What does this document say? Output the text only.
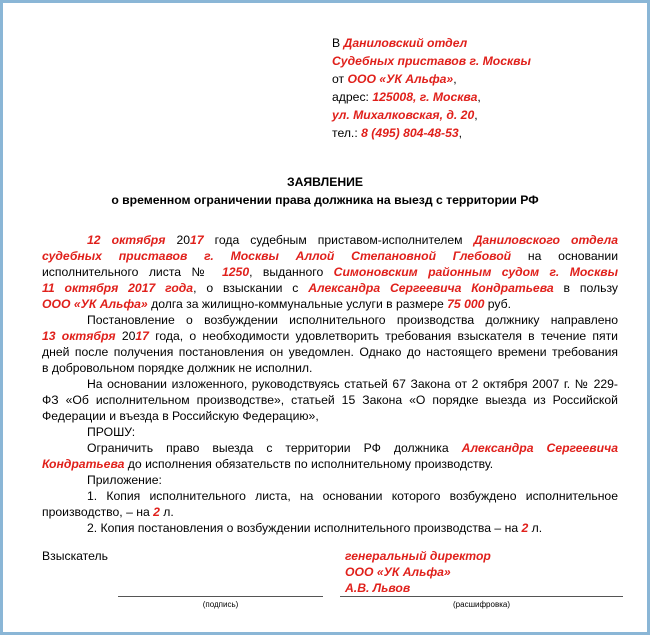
В Даниловский отдел
Судебных приставов г. Москвы
от ООО «УК Альфа»,
адрес: 125008, г. Москва,
ул. Михалковская, д. 20,
тел.: 8 (495) 804-48-53,
ЗАЯВЛЕНИЕ
о временном ограничении права должника на выезд с территории РФ
12 октября 2017 года судебным приставом-исполнителем Даниловского отдела
судебных приставов г. Москвы Аллой Степановной Глебовой на основании
исполнительного листа № 1250, выданного Симоновским районным судом г. Москвы
11 октября 2017 года, о взыскании с Александра Сергеевича Кондратьева в пользу
ООО «УК Альфа» долга за жилищно-коммунальные услуги в размере 75 000 руб.
Постановление о возбуждении исполнительного производства должнику направлено
13 октября 2017 года, о необходимости удовлетворить требования взыскателя в течение пяти
дней после получения постановления он уведомлен. Однако до настоящего времени требования
в добровольном порядке должник не исполнил.
На основании изложенного, руководствуясь статьей 67 Закона от 2 октября 2007 г. № 229-
ФЗ «Об исполнительном производстве», статьей 15 Закона «О порядке выезда из Российской
Федерации и въезда в Российскую Федерацию»,
ПРОШУ:
Ограничить право выезда с территории РФ должника Александра Сергеевича
Кондратьева до исполнения обязательств по исполнительному производству.
Приложение:
1. Копия исполнительного листа, на основании которого возбуждено исполнительное
производство, – на 2 л.
2. Копия постановления о возбуждении исполнительного производства – на 2 л.
Взыскатель	генеральный директор
ООО «УК Альфа»
А.В. Львов
(подпись)	(расшифровка)
